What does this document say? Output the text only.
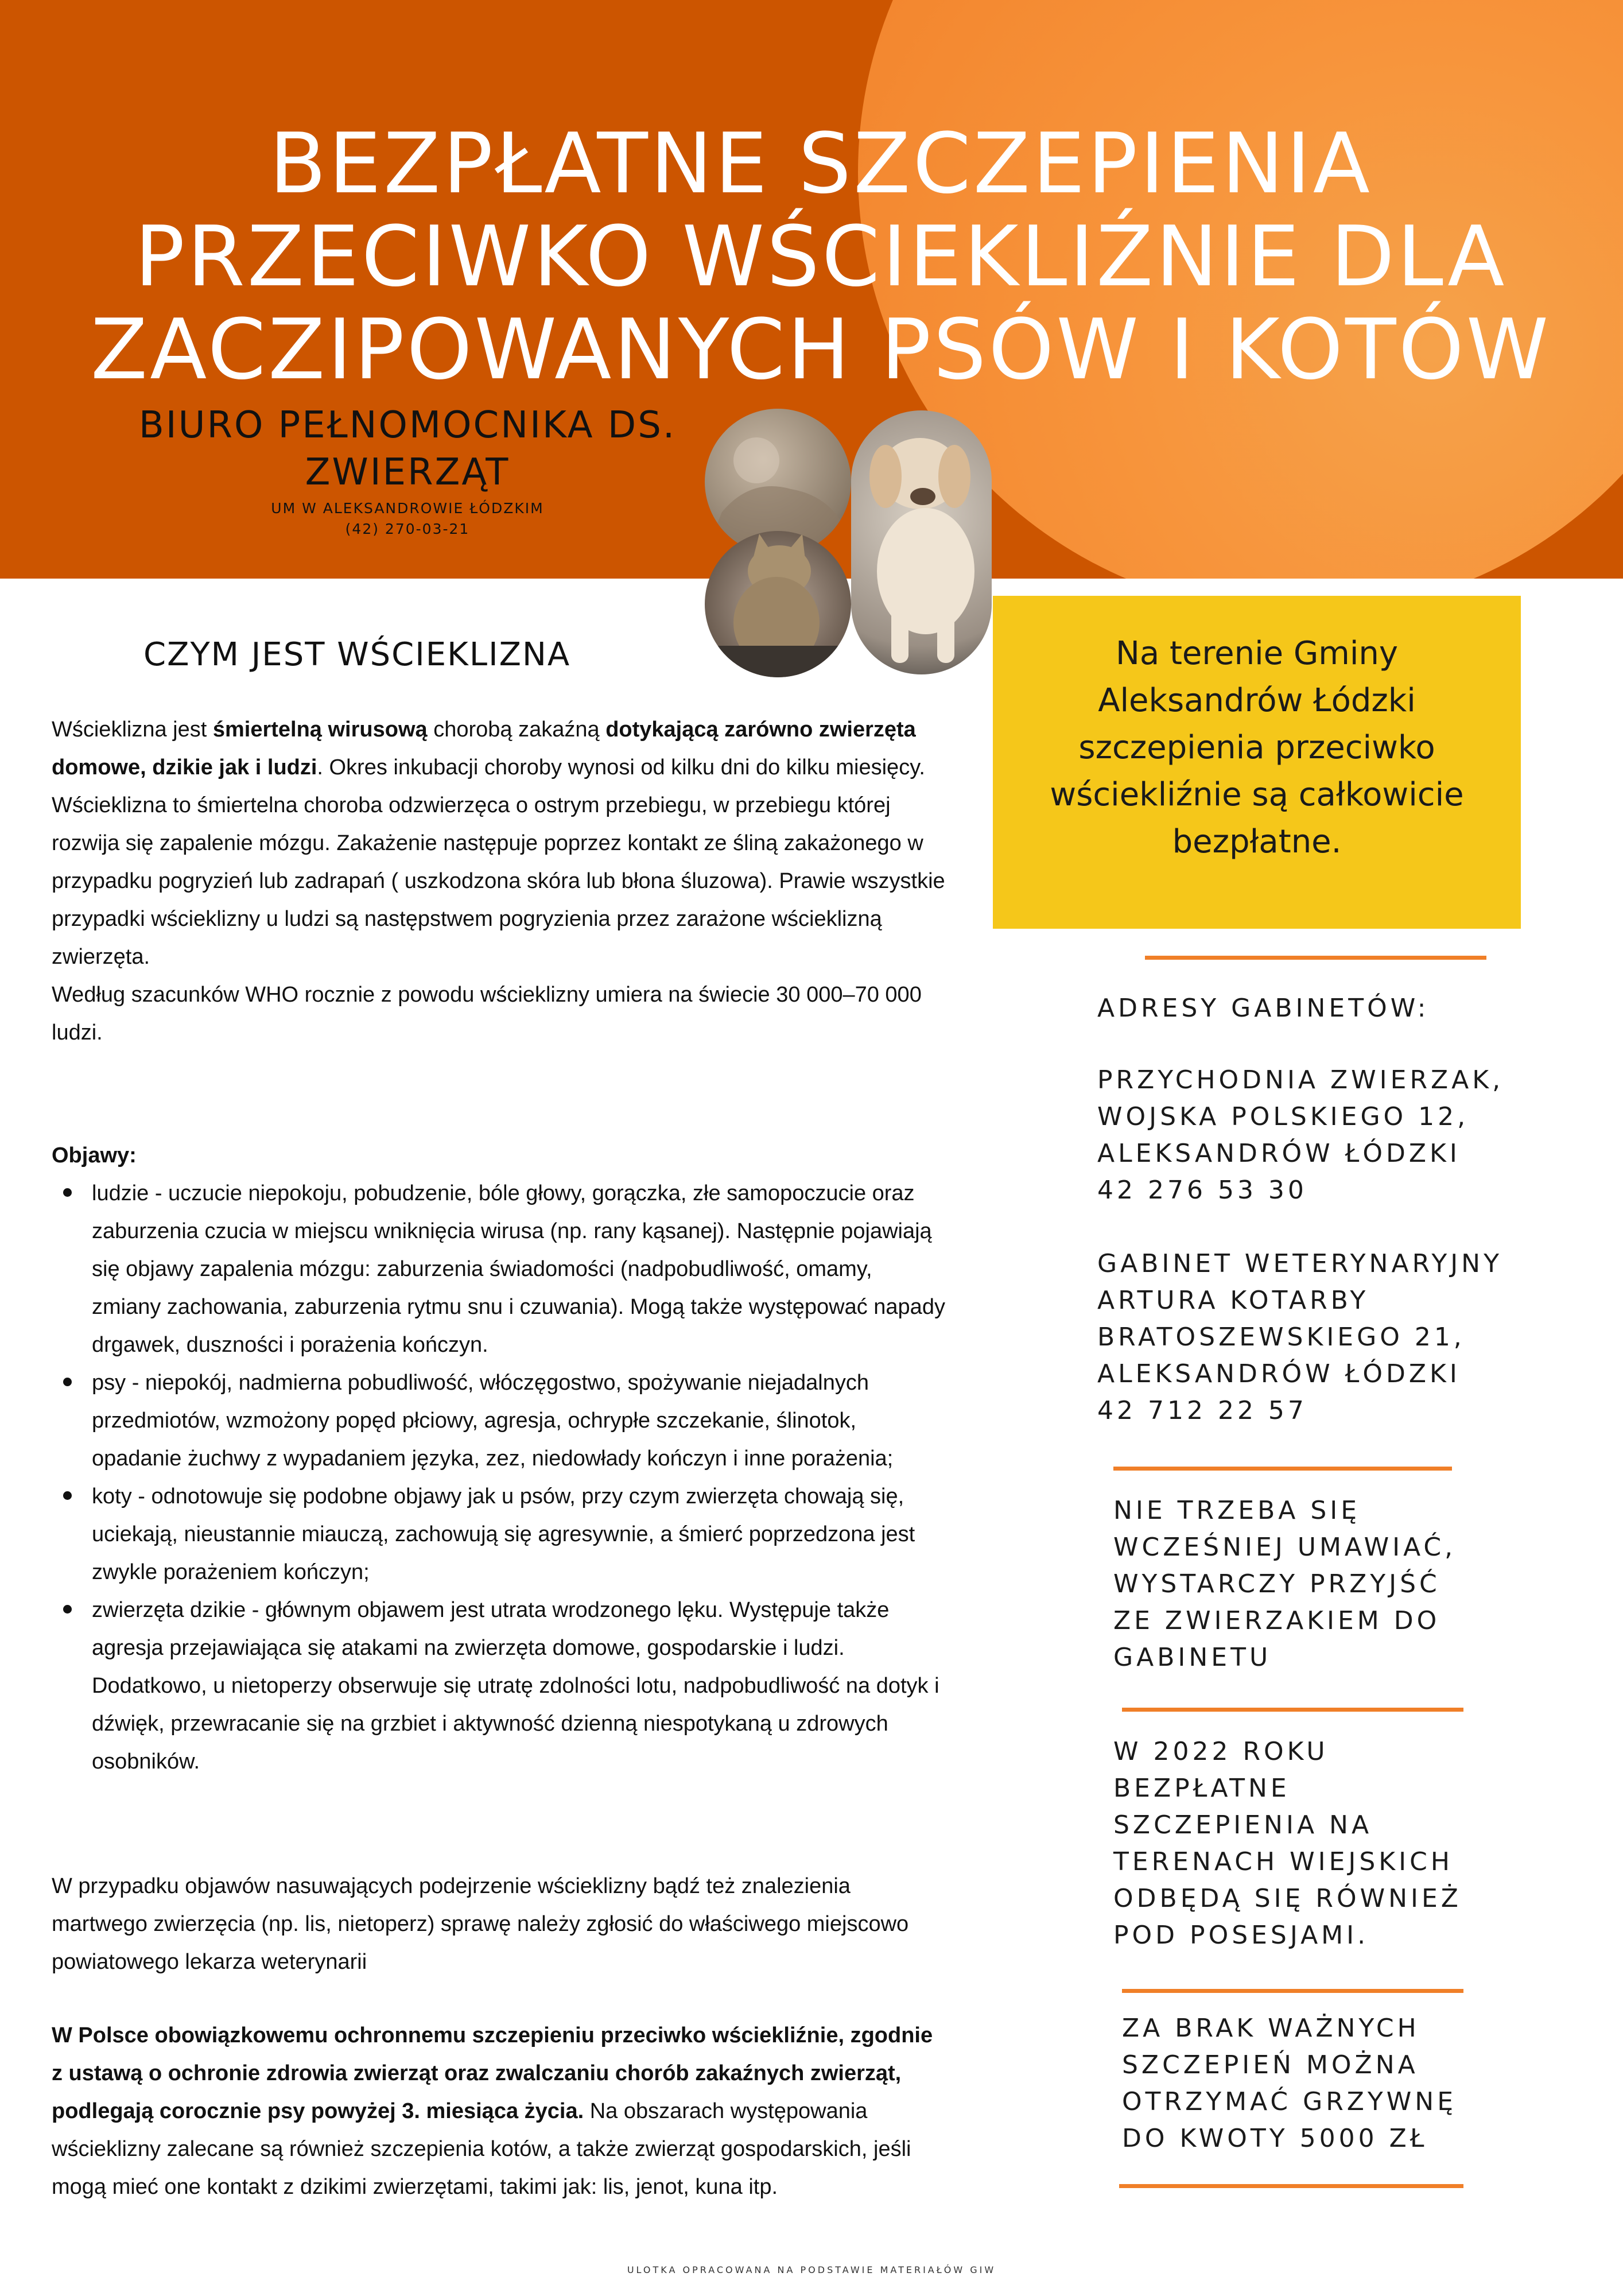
BEZPŁATNE SZCZEPIENIA
PRZECIWKO WŚCIEKLIŹNIE DLA
ZACZIPOWANYCH PSÓW I KOTÓW
BIURO PEŁNOMOCNIKA DS.
ZWIERZĄT
UM W ALEKSANDROWIE ŁÓDZKIM
(42) 270-03-21
CZYM JEST WŚCIEKLIZNA

Wścieklizna jest śmiertelną wirusową chorobą zakaźną dotykającą zarówno zwierzęta domowe, dzikie jak i ludzi. Okres inkubacji choroby wynosi od kilku dni do kilku miesięcy. Wścieklizna to śmiertelna choroba odzwierzęca o ostrym przebiegu, w przebiegu której rozwija się zapalenie mózgu. Zakażenie następuje poprzez kontakt ze śliną zakażonego w przypadku pogryzień lub zadrapań ( uszkodzona skóra lub błona śluzowa). Prawie wszystkie przypadki wścieklizny u ludzi są następstwem pogryzienia przez zarażone wścieklizną zwierzęta.
Według szacunków WHO rocznie z powodu wścieklizny umiera na świecie 30 000–70 000 ludzi.

Objawy:

ludzie - uczucie niepokoju, pobudzenie, bóle głowy, gorączka, złe samopoczucie oraz zaburzenia czucia w miejscu wniknięcia wirusa (np. rany kąsanej). Następnie pojawiają się objawy zapalenia mózgu: zaburzenia świadomości (nadpobudliwość, omamy, zmiany zachowania, zaburzenia rytmu snu i czuwania). Mogą także występować napady drgawek, duszności i porażenia kończyn.
psy - niepokój, nadmierna pobudliwość, włóczęgostwo, spożywanie niejadalnych przedmiotów, wzmożony popęd płciowy, agresja, ochrypłe szczekanie, ślinotok, opadanie żuchwy z wypadaniem języka, zez, niedowłady kończyn i inne porażenia;
koty - odnotowuje się podobne objawy jak u psów, przy czym zwierzęta chowają się, uciekają, nieustannie miauczą, zachowują się agresywnie, a śmierć poprzedzona jest zwykle porażeniem kończyn;
zwierzęta dzikie - głównym objawem jest utrata wrodzonego lęku. Występuje także agresja przejawiająca się atakami na zwierzęta domowe, gospodarskie i ludzi. Dodatkowo, u nietoperzy obserwuje się utratę zdolności lotu, nadpobudliwość na dotyk i dźwięk, przewracanie się na grzbiet i aktywność dzienną niespotykaną u zdrowych osobników.

W przypadku objawów nasuwających podejrzenie wścieklizny bądź też znalezienia martwego zwierzęcia (np. lis, nietoperz) sprawę należy zgłosić do właściwego miejscowo powiatowego lekarza weterynarii

W Polsce obowiązkowemu ochronnemu szczepieniu przeciwko wściekliźnie, zgodnie z ustawą o ochronie zdrowia zwierząt oraz zwalczaniu chorób zakaźnych zwierząt, podlegają corocznie psy powyżej 3. miesiąca życia. Na obszarach występowania wścieklizny zalecane są również szczepienia kotów, a także zwierząt gospodarskich, jeśli mogą mieć one kontakt z dzikimi zwierzętami, takimi jak: lis, jenot, kuna itp.

Na terenie Gminy Aleksandrów Łódzki szczepienia przeciwko wściekliźnie są całkowicie bezpłatne.

ADRESY GABINETÓW:

PRZYCHODNIA ZWIERZAK,
WOJSKA POLSKIEGO 12,
ALEKSANDRÓW ŁÓDZKI
42 276 53 30

GABINET WETERYNARYJNY
ARTURA KOTARBY
BRATOSZEWSKIEGO 21,
ALEKSANDRÓW ŁÓDZKI
42 712 22 57

NIE TRZEBA SIĘ
WCZEŚNIEJ UMAWIAĆ,
WYSTARCZY PRZYJŚĆ
ZE ZWIERZAKIEM DO
GABINETU

W 2022 ROKU
BEZPŁATNE
SZCZEPIENIA NA
TERENACH WIEJSKICH
ODBĘDĄ SIĘ RÓWNIEŻ
POD POSESJAMI.

ZA BRAK WAŻNYCH
SZCZEPIEŃ MOŻNA
OTRZYMAĆ GRZYWNĘ
DO KWOTY 5000 ZŁ

ULOTKA OPRACOWANA NA PODSTAWIE MATERIAŁÓW GIW
